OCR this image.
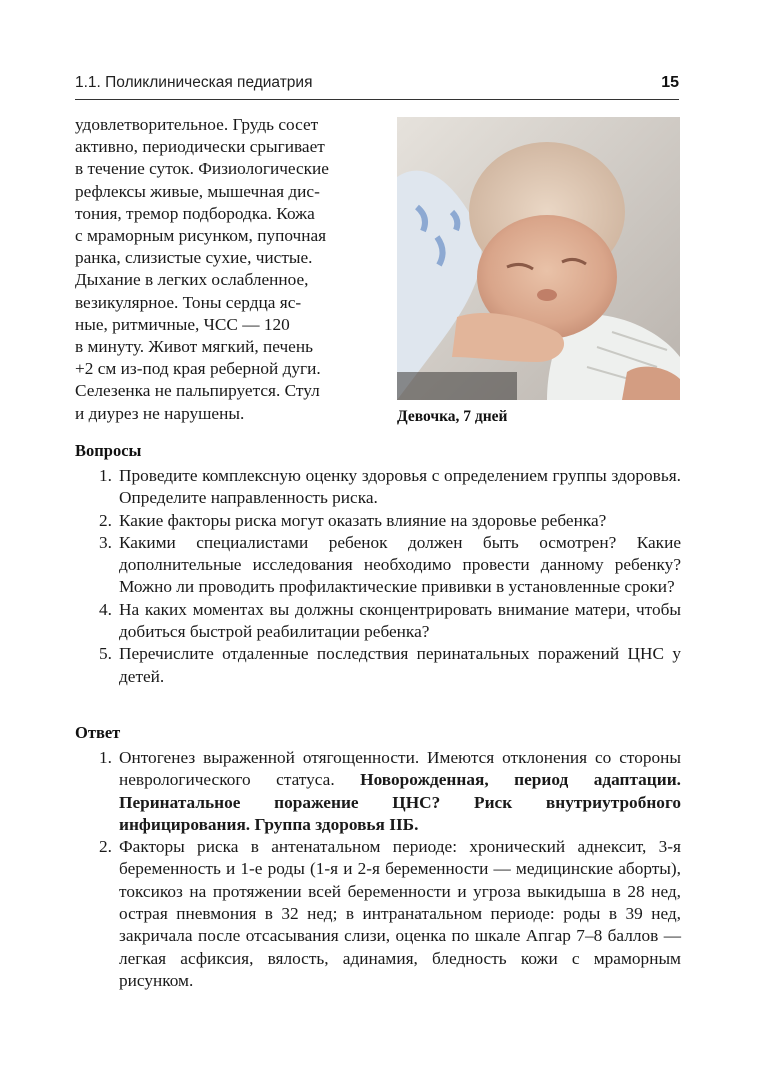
1.1. Поликлиническая педиатрия	15
удовлетворительное. Грудь сосет
активно, периодически срыгивает
в течение суток. Физиологические
рефлексы живые, мышечная дис-
тония, тремор подбородка. Кожа
с мраморным рисунком, пупочная
ранка, слизистые сухие, чистые.
Дыхание в легких ослабленное,
везикулярное. Тоны сердца яс-
ные, ритмичные, ЧСС — 120
в минуту. Живот мягкий, печень
+2 см из-под края реберной дуги.
Селезенка не пальпируется. Стул
и диурез не нарушены.	Девочка, 7 дней
Вопросы
1. Проведите комплексную оценку здоровья с определением группы здоровья. Определите направленность риска.
2. Какие факторы риска могут оказать влияние на здоровье ребенка?
3. Какими специалистами ребенок должен быть осмотрен? Какие дополнительные исследования необходимо провести данному ребенку? Можно ли проводить профилактические прививки в установленные сроки?
4. На каких моментах вы должны сконцентрировать внимание матери, чтобы добиться быстрой реабилитации ребенка?
5. Перечислите отдаленные последствия перинатальных поражений ЦНС у детей.
Ответ
1. Онтогенез выраженной отягощенности. Имеются отклонения со стороны неврологического статуса. Новорожденная, период адаптации. Перинатальное поражение ЦНС? Риск внутриутробного инфицирования. Группа здоровья IIБ.
2. Факторы риска в антенатальном периоде: хронический аднексит, 3-я беременность и 1-е роды (1-я и 2-я беременности — медицинские аборты), токсикоз на протяжении всей беременности и угроза выкидыша в 28 нед, острая пневмония в 32 нед; в интранатальном периоде: роды в 39 нед, закричала после отсасывания слизи, оценка по шкале Апгар 7–8 баллов — легкая асфиксия, вялость, адинамия, бледность кожи с мраморным рисунком.
